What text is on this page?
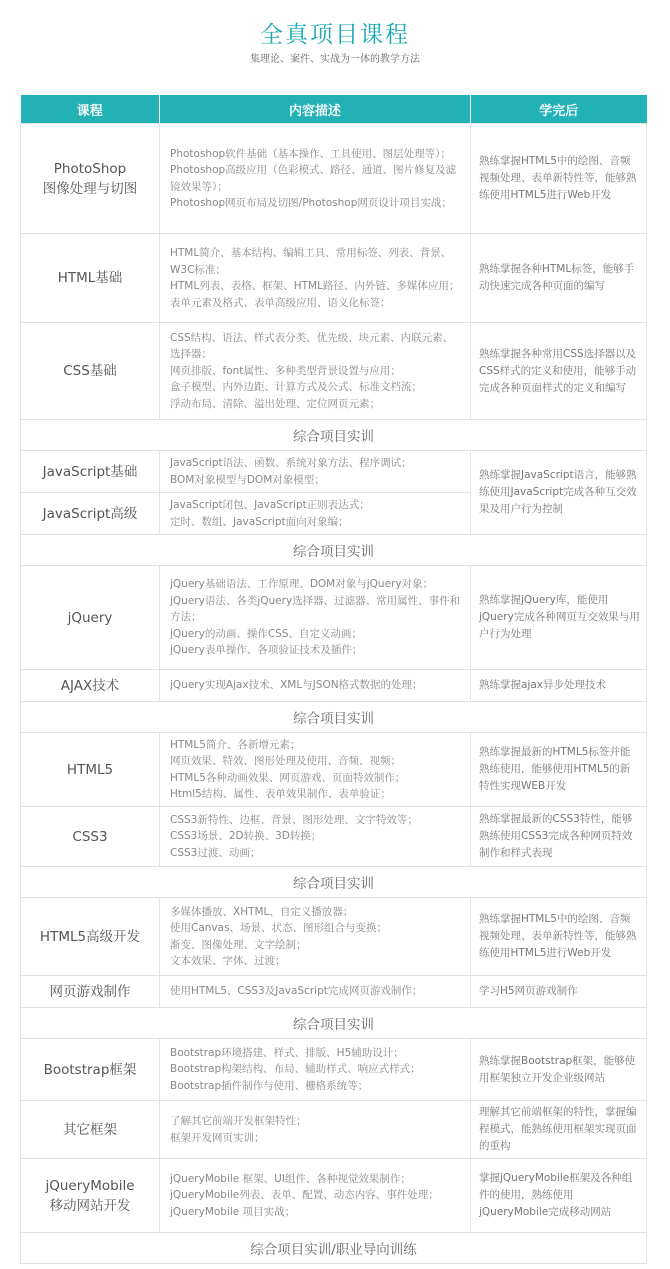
全真项目课程
集理论、案件、实战为一体的教学方法
课程	内容描述	学完后

PhotoShop
图像处理与切图	Photoshop软件基础（基本操作、工具使用、图层处理等）；
Photoshop高级应用（色彩模式、路径、通道、图片修复及滤镜效果等）；
Photoshop网页布局及切图/Photoshop网页设计项目实战；	熟练掌握HTML5中的绘图、音频视频处理、表单新特性等，能够熟练使用HTML5进行Web开发

HTML基础	HTML简介、基本结构、编辑工具、常用标签、列表、背景、W3C标准；
HTML列表、表格、框架、HTML路径、内外链、多媒体应用；
表单元素及格式、表单高级应用、语义化标签；	熟练掌握各种HTML标签，能够手动快速完成各种页面的编写

CSS基础	CSS结构、语法、样式表分类、优先级、块元素、内联元素、选择器；
网页排版、font属性、多种类型背景设置与应用；
盒子模型、内外边距、计算方式及公式、标准文档流；
浮动布局、清除、溢出处理、定位网页元素；	熟练掌握各种常用CSS选择器以及CSS样式的定义和使用，能够手动完成各种页面样式的定义和编写

综合项目实训		

JavaScript基础	JavaScript语法、函数、系统对象方法、程序调试；
BOM对象模型与DOM对象模型；	熟练掌握JavaScript语言，能够熟练使用JavaScript完成各种互交效果及用户行为控制

JavaScript高级	JavaScript闭包、JavaScript正则表达式；
定时、数组、JavaScript面向对象编；	

综合项目实训		

jQuery	jQuery基础语法、工作原理、DOM对象与jQuery对象；
jQuery语法、各类jQuery选择器、过滤器、常用属性、事件和方法；
jQuery的动画、操作CSS、自定义动画；
jQuery表单操作、各项验证技术及插件；	熟练掌握jQuery库，能使用jQuery完成各种网页互交效果与用户行为处理

AJAX技术	jQuery实现Ajax技术、XML与JSON格式数据的处理；	熟练掌握ajax异步处理技术

综合项目实训		

HTML5	HTML5简介、各新增元素；
网页效果、特效、图形处理及使用、音频、视频；
HTML5各种动画效果、网页游戏、页面特效制作；
Html5结构、属性、表单效果制作、表单验证；	熟练掌握最新的HTML5标签并能熟练使用，能够使用HTML5的新特性实现WEB开发

CSS3	CSS3新特性、边框、背景、图形处理、文字特效等；
CSS3场景、2D转换、3D转换；
CSS3过渡、动画；	熟练掌握最新的CSS3特性，能够熟练使用CSS3完成各种网页特效制作和样式表现

综合项目实训		

HTML5高级开发	多媒体播放、XHTML、自定义播放器；
使用Canvas、场景、状态、图形组合与变换；
渐变、图像处理、文字绘制；
文本效果、字体、过渡；	熟练掌握HTML5中的绘图、音频视频处理、表单新特性等，能够熟练使用HTML5进行Web开发

网页游戏制作	使用HTML5、CSS3及JavaScript完成网页游戏制作；	学习H5网页游戏制作

综合项目实训		

Bootstrap框架	Bootstrap环境搭建、样式、排版、H5辅助设计；
Bootstrap构架结构、布局、辅助样式、响应式样式；
Bootstrap插件制作与使用、栅格系统等；	熟练掌握Bootstrap框架，能够使用框架独立开发企业级网站

其它框架	了解其它前端开发框架特性；
框架开发网页实训；	理解其它前端框架的特性，掌握编程模式，能熟练使用框架实现页面的重构

jQueryMobile
移动网站开发	jQueryMobile 框架、UI组件、各种视觉效果制作；
jQueryMobile列表、表单、配置、动态内容、事件处理；
jQueryMobile 项目实战；	掌握jQueryMobile框架及各种组件的使用，熟练使用jQueryMobile完成移动网站

综合项目实训/职业导向训练		
